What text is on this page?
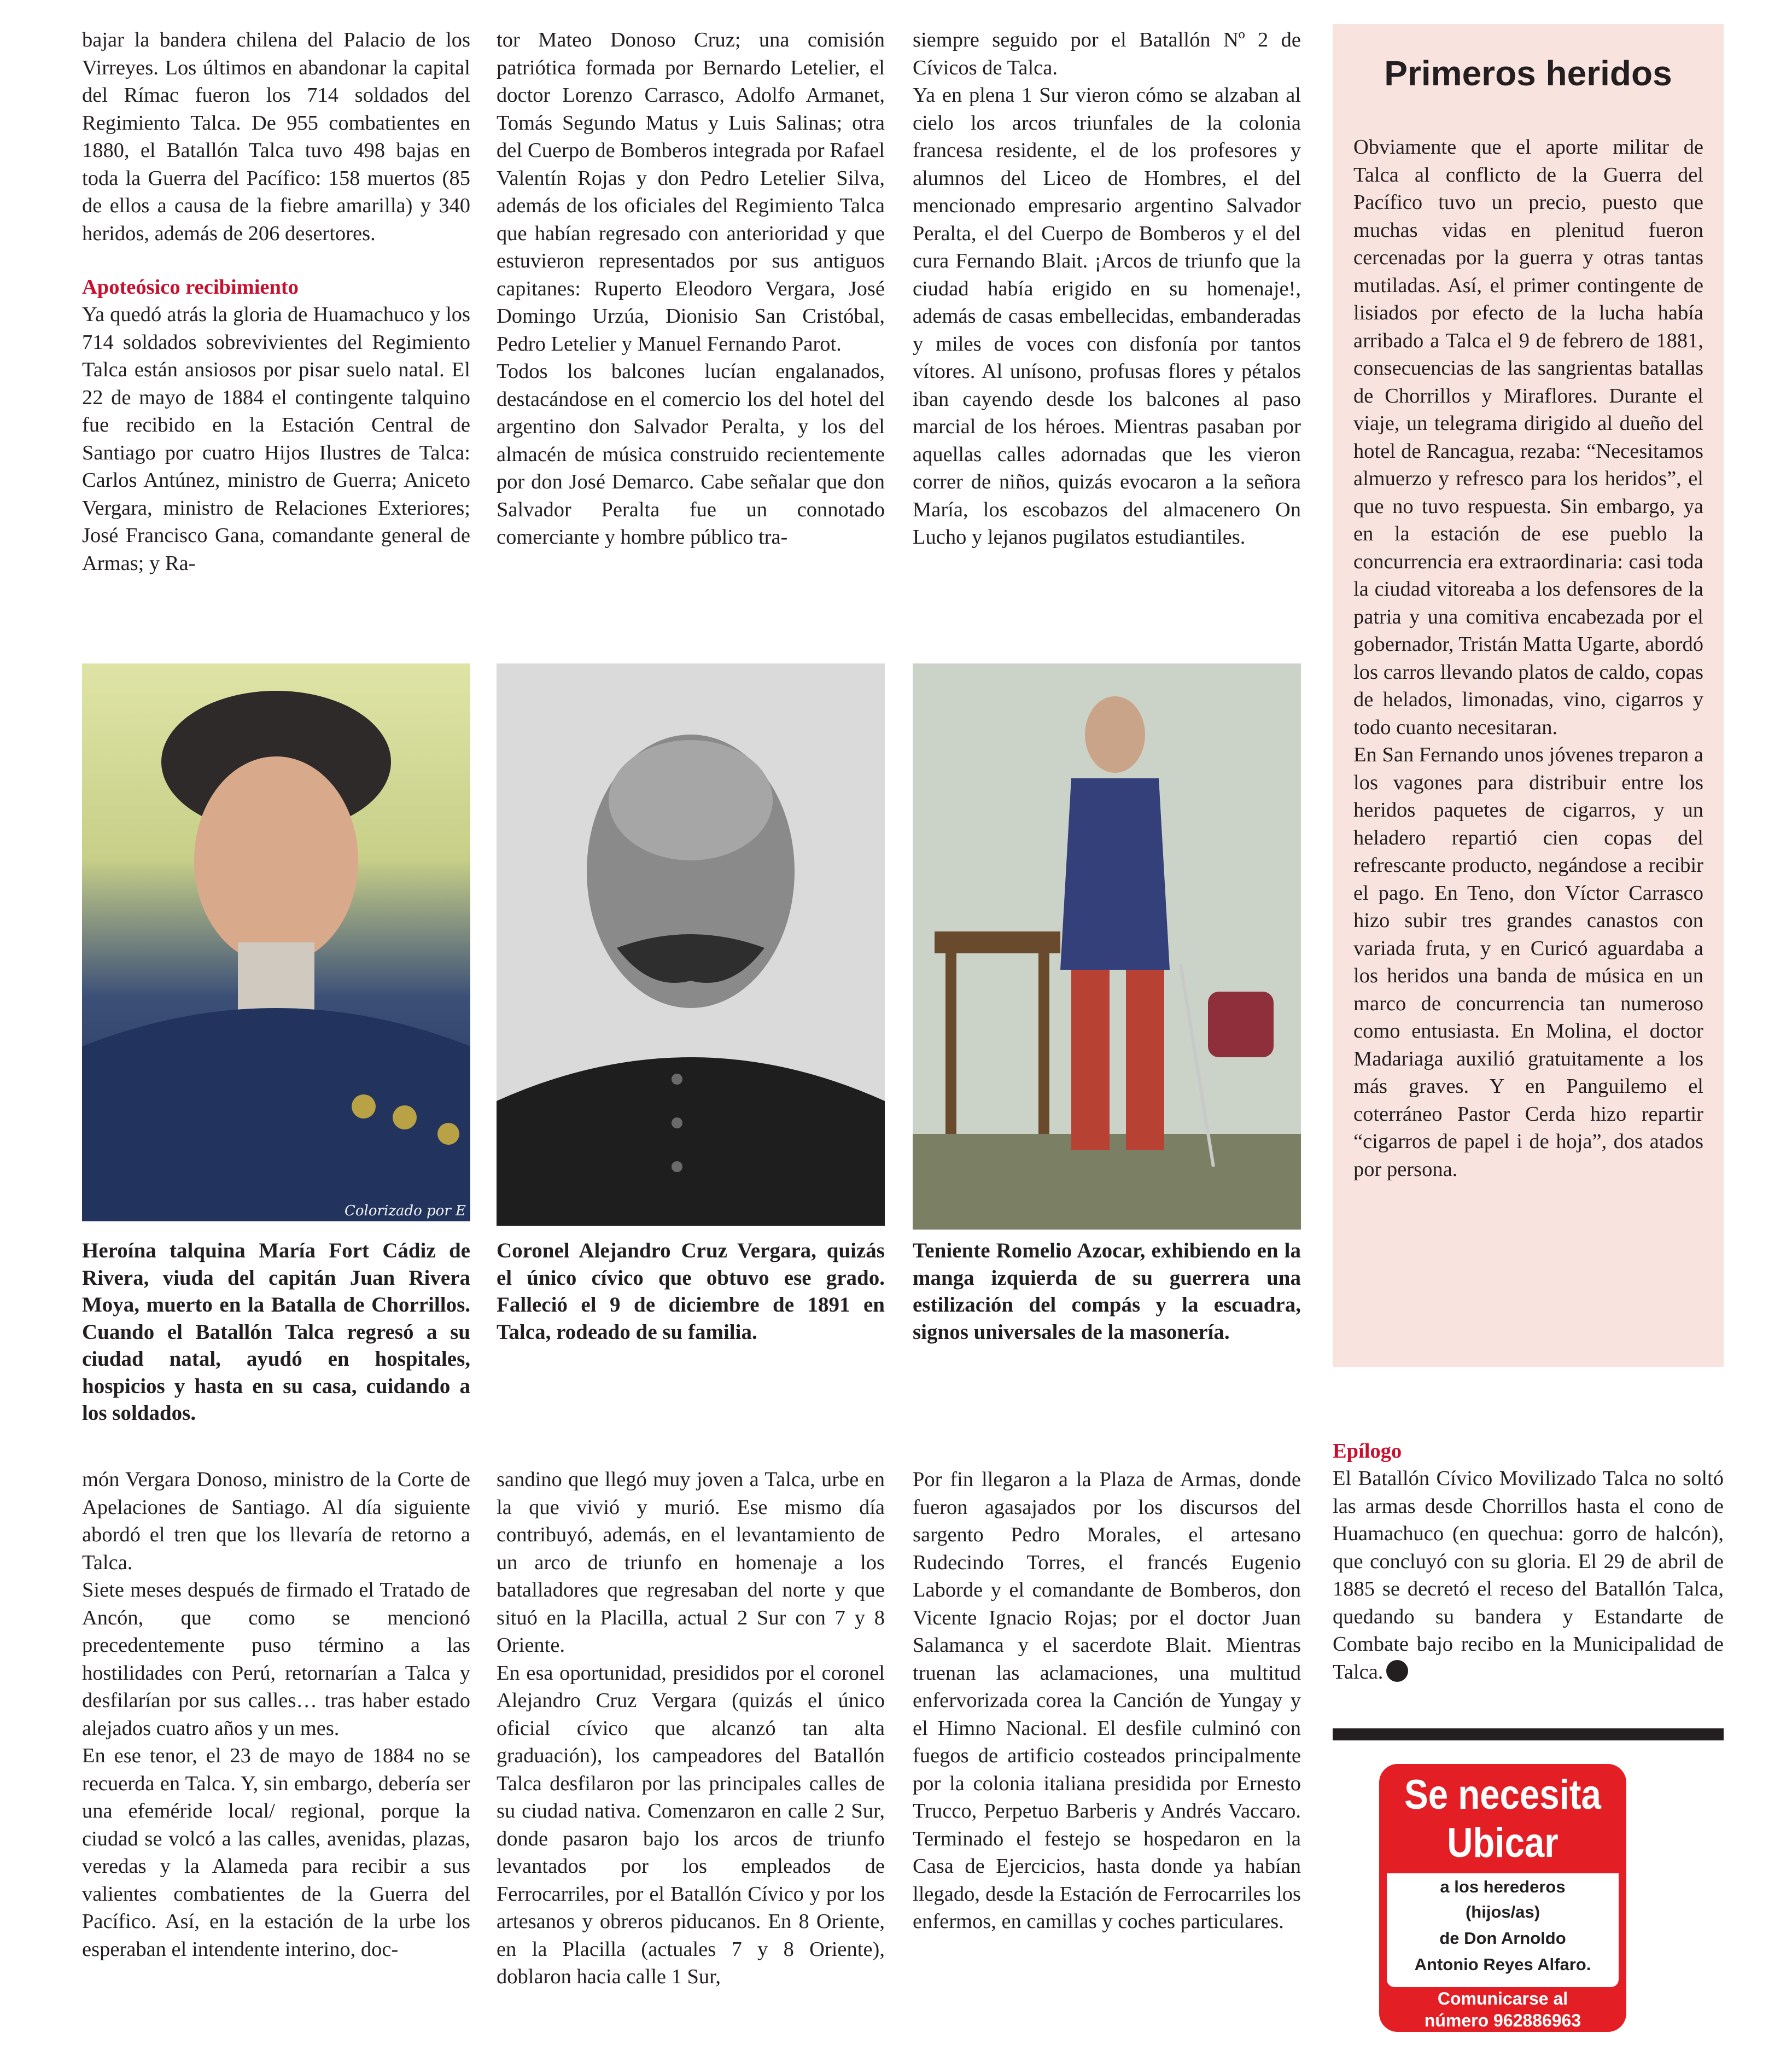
bajar la bandera chilena del Palacio de los Virreyes. Los últimos en abandonar la capital del Rímac fueron los 714 soldados del Regimiento Talca. De 955 combatientes en 1880, el Batallón Talca tuvo 498 bajas en toda la Guerra del Pacífico: 158 muertos (85 de ellos a causa de la fiebre amarilla) y 340 heridos, además de 206 desertores.

Apoteósico recibimiento

Ya quedó atrás la gloria de Huamachuco y los 714 soldados sobrevivientes del Regimiento Talca están ansiosos por pisar suelo natal. El 22 de mayo de 1884 el contingente talquino fue recibido en la Estación Central de Santiago por cuatro Hijos Ilustres de Talca: Carlos Antúnez, ministro de Guerra; Aniceto Vergara, ministro de Relaciones Exteriores; José Francisco Gana, comandante general de Armas; y Ra-

tor Mateo Donoso Cruz; una comisión patriótica formada por Bernardo Letelier, el doctor Lorenzo Carrasco, Adolfo Armanet, Tomás Segundo Matus y Luis Salinas; otra del Cuerpo de Bomberos integrada por Rafael Valentín Rojas y don Pedro Letelier Silva, además de los oficiales del Regimiento Talca que habían regresado con anterioridad y que estuvieron representados por sus antiguos capitanes: Ruperto Eleodoro Vergara, José Domingo Urzúa, Dionisio San Cristóbal, Pedro Letelier y Manuel Fernando Parot.

Todos los balcones lucían engalanados, destacándose en el comercio los del hotel del argentino don Salvador Peralta, y los del almacén de música construido recientemente por don José Demarco. Cabe señalar que don Salvador Peralta fue un connotado comerciante y hombre público tra-

siempre seguido por el Batallón Nº 2 de Cívicos de Talca.

Ya en plena 1 Sur vieron cómo se alzaban al cielo los arcos triunfales de la colonia francesa residente, el de los profesores y alumnos del Liceo de Hombres, el del mencionado empresario argentino Salvador Peralta, el del Cuerpo de Bomberos y el del cura Fernando Blait. ¡Arcos de triunfo que la ciudad había erigido en su homenaje!, además de casas embellecidas, embanderadas y miles de voces con disfonía por tantos vítores. Al unísono, profusas flores y pétalos iban cayendo desde los balcones al paso marcial de los héroes. Mientras pasaban por aquellas calles adornadas que les vieron correr de niños, quizás evocaron a la señora María, los escobazos del almacenero On Lucho y lejanos pugilatos estudiantiles.

Colorizado por E

Heroína talquina María Fort Cádiz de Rivera, viuda del capitán Juan Rivera Moya, muerto en la Batalla de Chorrillos. Cuando el Batallón Talca regresó a su ciudad natal, ayudó en hospitales, hospicios y hasta en su casa, cuidando a los soldados.

Coronel Alejandro Cruz Vergara, quizás el único cívico que obtuvo ese grado. Falleció el 9 de diciembre de 1891 en Talca, rodeado de su familia.

Teniente Romelio Azocar, exhibiendo en la manga izquierda de su guerrera una estilización del compás y la escuadra, signos universales de la masonería.

Primeros heridos

Obviamente que el aporte militar de Talca al conflicto de la Guerra del Pacífico tuvo un precio, puesto que muchas vidas en plenitud fueron cercenadas por la guerra y otras tantas mutiladas. Así, el primer contingente de lisiados por efecto de la lucha había arribado a Talca el 9 de febrero de 1881, consecuencias de las sangrientas batallas de Chorrillos y Miraflores. Durante el viaje, un telegrama dirigido al dueño del hotel de Rancagua, rezaba: “Necesitamos almuerzo y refresco para los heridos”, el que no tuvo respuesta. Sin embargo, ya en la estación de ese pueblo la concurrencia era extraordinaria: casi toda la ciudad vitoreaba a los defensores de la patria y una comitiva encabezada por el gobernador, Tristán Matta Ugarte, abordó los carros llevando platos de caldo, copas de helados, limonadas, vino, cigarros y todo cuanto necesitaran.

En San Fernando unos jóvenes treparon a los vagones para distribuir entre los heridos paquetes de cigarros, y un heladero repartió cien copas del refrescante producto, negándose a recibir el pago. En Teno, don Víctor Carrasco hizo subir tres grandes canastos con variada fruta, y en Curicó aguardaba a los heridos una banda de música en un marco de concurrencia tan numeroso como entusiasta. En Molina, el doctor Madariaga auxilió gratuitamente a los más graves. Y en Panguilemo el coterráneo Pastor Cerda hizo repartir “cigarros de papel i de hoja”, dos atados por persona.

món Vergara Donoso, ministro de la Corte de Apelaciones de Santiago. Al día siguiente abordó el tren que los llevaría de retorno a Talca.

Siete meses después de firmado el Tratado de Ancón, que como se mencionó precedentemente puso término a las hostilidades con Perú, retornarían a Talca y desfilarían por sus calles… tras haber estado alejados cuatro años y un mes.

En ese tenor, el 23 de mayo de 1884 no se recuerda en Talca. Y, sin embargo, debería ser una efeméride local/ regional, porque la ciudad se volcó a las calles, avenidas, plazas, veredas y la Alameda para recibir a sus valientes combatientes de la Guerra del Pacífico. Así, en la estación de la urbe los esperaban el intendente interino, doc-

sandino que llegó muy joven a Talca, urbe en la que vivió y murió. Ese mismo día contribuyó, además, en el levantamiento de un arco de triunfo en homenaje a los batalladores que regresaban del norte y que situó en la Placilla, actual 2 Sur con 7 y 8 Oriente.

En esa oportunidad, presididos por el coronel Alejandro Cruz Vergara (quizás el único oficial cívico que alcanzó tan alta graduación), los campeadores del Batallón Talca desfilaron por las principales calles de su ciudad nativa. Comenzaron en calle 2 Sur, donde pasaron bajo los arcos de triunfo levantados por los empleados de Ferrocarriles, por el Batallón Cívico y por los artesanos y obreros piducanos. En 8 Oriente, en la Placilla (actuales 7 y 8 Oriente), doblaron hacia calle 1 Sur,

Por fin llegaron a la Plaza de Armas, donde fueron agasajados por los discursos del sargento Pedro Morales, el artesano Rudecindo Torres, el francés Eugenio Laborde y el comandante de Bomberos, don Vicente Ignacio Rojas; por el doctor Juan Salamanca y el sacerdote Blait. Mientras truenan las aclamaciones, una multitud enfervorizada corea la Canción de Yungay y el Himno Nacional. El desfile culminó con fuegos de artificio costeados principalmente por la colonia italiana presidida por Ernesto Trucco, Perpetuo Barberis y Andrés Vaccaro. Terminado el festejo se hospedaron en la Casa de Ejercicios, hasta donde ya habían llegado, desde la Estación de Ferrocarriles los enfermos, en camillas y coches particulares.

Epílogo

El Batallón Cívico Movilizado Talca no soltó las armas desde Chorrillos hasta el cono de Huamachuco (en quechua: gorro de halcón), que concluyó con su gloria. El 29 de abril de 1885 se decretó el receso del Batallón Talca, quedando su bandera y Estandarte de Combate bajo recibo en la Municipalidad de Talca.

Se necesita
Ubicar
a los herederos
(hijos/as)
de Don Arnoldo
Antonio Reyes Alfaro.
Comunicarse al
número 962886963
